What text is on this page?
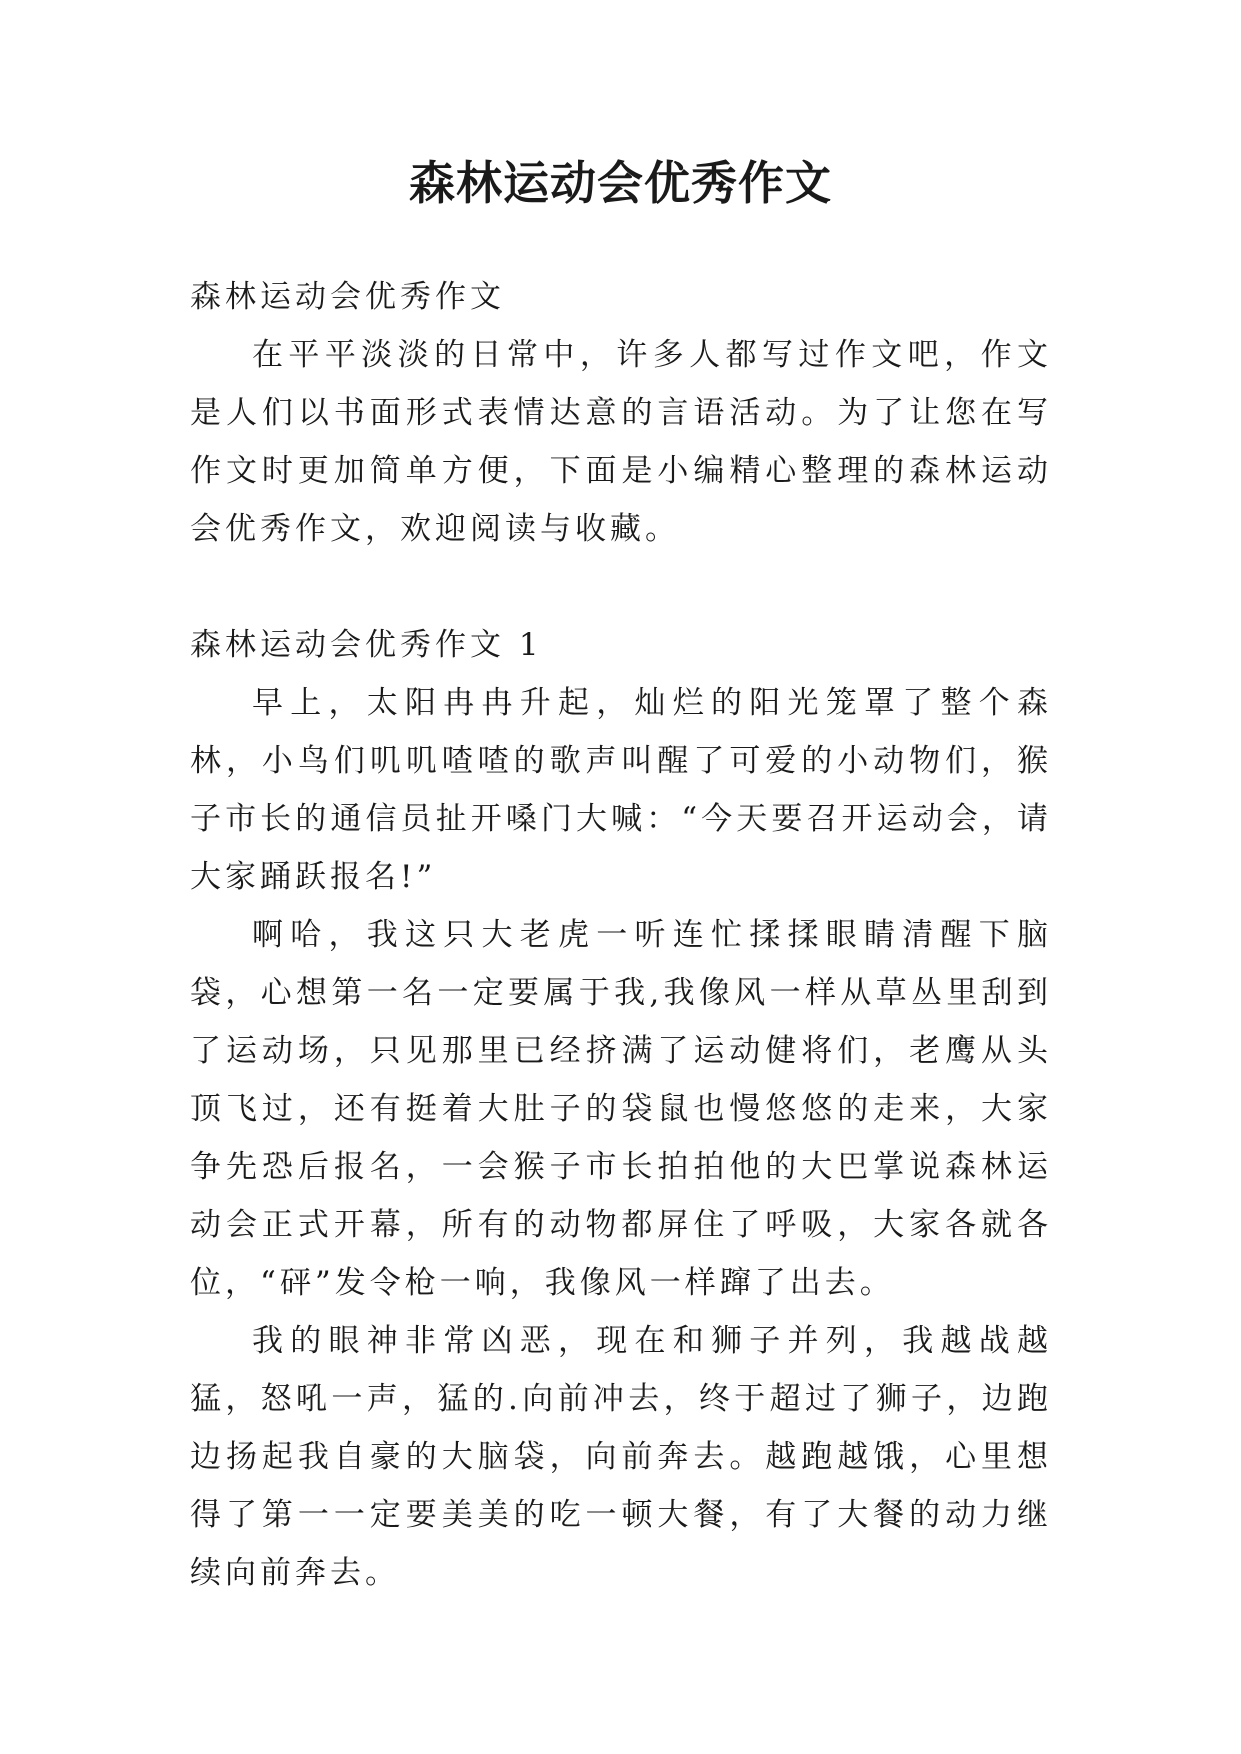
森林运动会优秀作文

森林运动会优秀作文

在平平淡淡的日常中，许多人都写过作文吧，作文是人们以书面形式表情达意的言语活动。为了让您在写作文时更加简单方便，下面是小编精心整理的森林运动会优秀作文，欢迎阅读与收藏。

森林运动会优秀作文 1

早上，太阳冉冉升起，灿烂的阳光笼罩了整个森林，小鸟们叽叽喳喳的歌声叫醒了可爱的小动物们，猴子市长的通信员扯开嗓门大喊：“今天要召开运动会，请大家踊跃报名!”

啊哈，我这只大老虎一听连忙揉揉眼睛清醒下脑袋，心想第一名一定要属于我,我像风一样从草丛里刮到了运动场，只见那里已经挤满了运动健将们，老鹰从头顶飞过，还有挺着大肚子的袋鼠也慢悠悠的走来，大家争先恐后报名，一会猴子市长拍拍他的大巴掌说森林运动会正式开幕，所有的动物都屏住了呼吸，大家各就各位，“砰”发令枪一响，我像风一样蹿了出去。

我的眼神非常凶恶，现在和狮子并列，我越战越猛，怒吼一声，猛的.向前冲去，终于超过了狮子，边跑边扬起我自豪的大脑袋，向前奔去。越跑越饿，心里想得了第一一定要美美的吃一顿大餐，有了大餐的动力继续向前奔去。
